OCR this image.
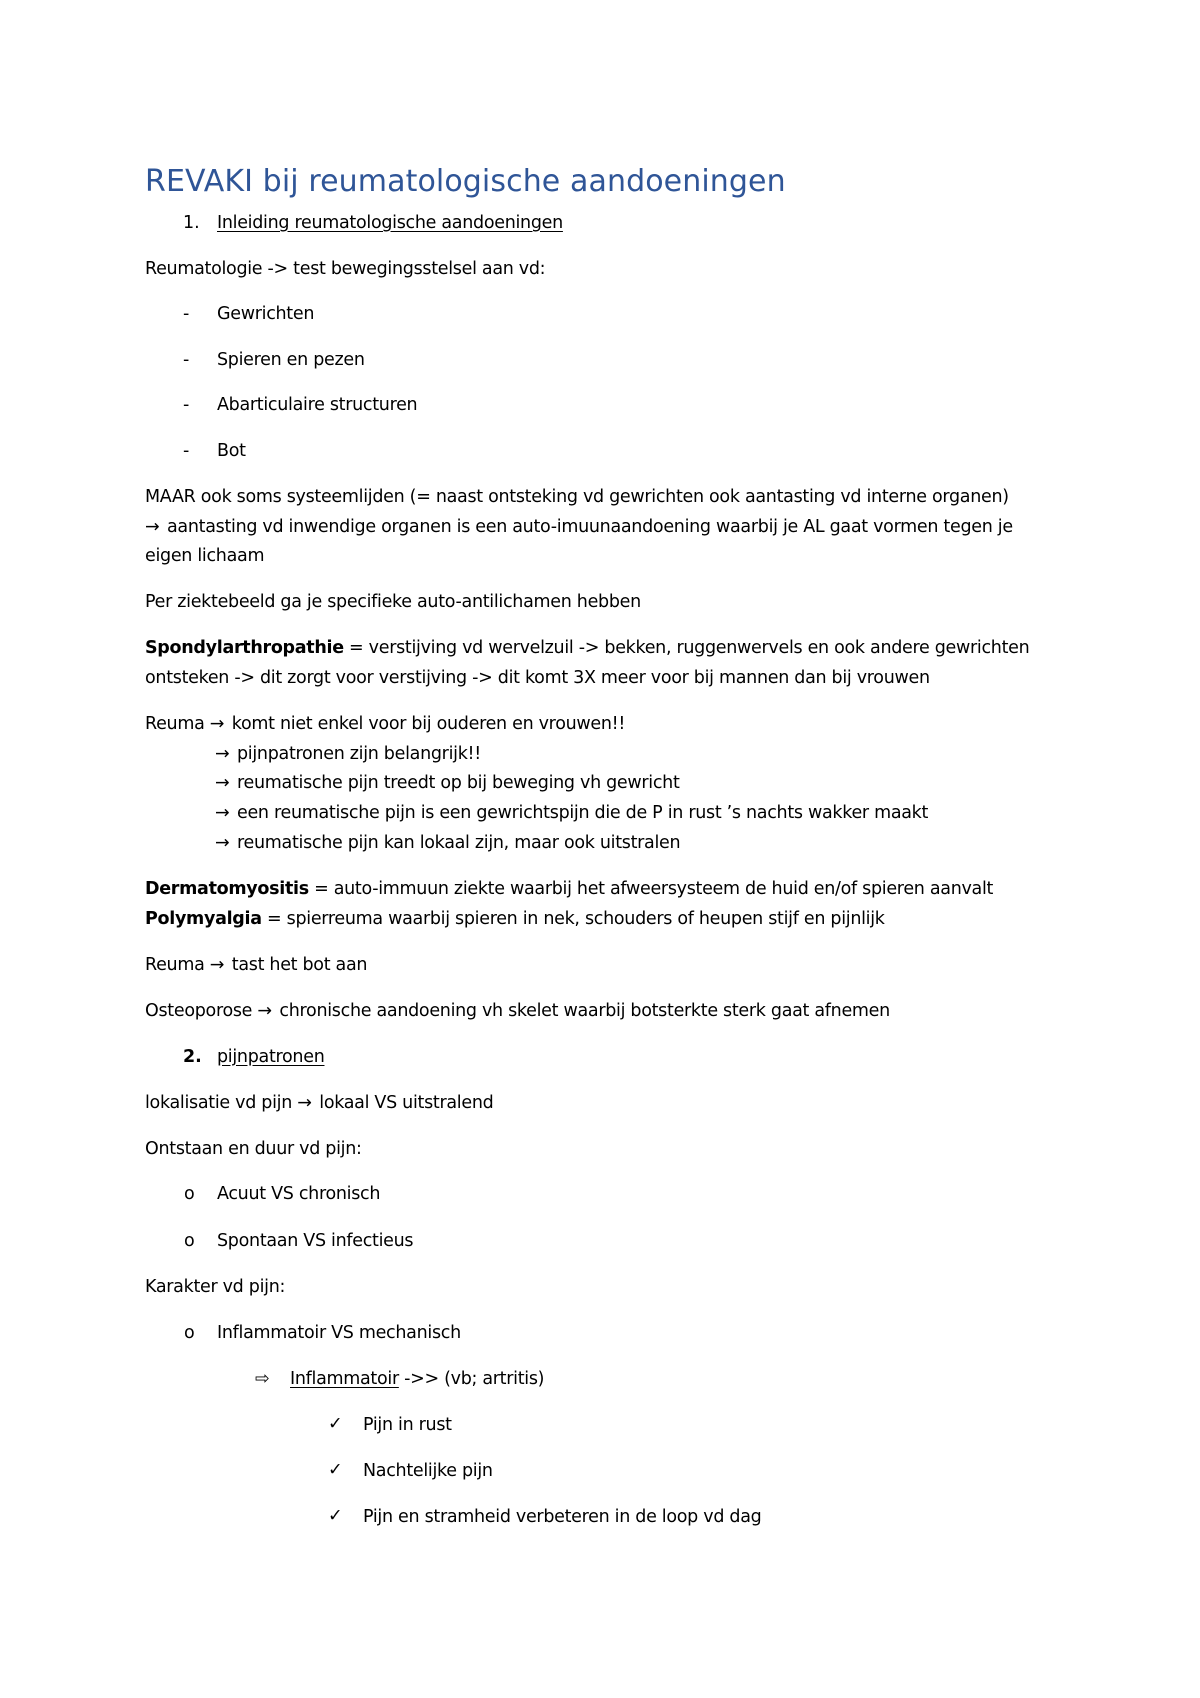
REVAKI bij reumatologische aandoeningen
1. Inleiding reumatologische aandoeningen
Reumatologie -> test bewegingsstelsel aan vd:
- Gewrichten
- Spieren en pezen
- Abarticulaire structuren
- Bot
MAAR ook soms systeemlijden (= naast ontsteking vd gewrichten ook aantasting vd interne organen)
→ aantasting vd inwendige organen is een auto-imuunaandoening waarbij je AL gaat vormen tegen je
eigen lichaam
Per ziektebeeld ga je specifieke auto-antilichamen hebben
Spondylarthropathie = verstijving vd wervelzuil -> bekken, ruggenwervels en ook andere gewrichten
ontsteken -> dit zorgt voor verstijving -> dit komt 3X meer voor bij mannen dan bij vrouwen
Reuma → komt niet enkel voor bij ouderen en vrouwen!!
→ pijnpatronen zijn belangrijk!!
→ reumatische pijn treedt op bij beweging vh gewricht
→ een reumatische pijn is een gewrichtspijn die de P in rust ’s nachts wakker maakt
→ reumatische pijn kan lokaal zijn, maar ook uitstralen
Dermatomyositis = auto-immuun ziekte waarbij het afweersysteem de huid en/of spieren aanvalt
Polymyalgia = spierreuma waarbij spieren in nek, schouders of heupen stijf en pijnlijk
Reuma → tast het bot aan
Osteoporose → chronische aandoening vh skelet waarbij botsterkte sterk gaat afnemen
2. pijnpatronen
lokalisatie vd pijn → lokaal VS uitstralend
Ontstaan en duur vd pijn:
o Acuut VS chronisch
o Spontaan VS infectieus
Karakter vd pijn:
o Inflammatoir VS mechanisch
⇨ Inflammatoir ->> (vb; artritis)
✓ Pijn in rust
✓ Nachtelijke pijn
✓ Pijn en stramheid verbeteren in de loop vd dag
